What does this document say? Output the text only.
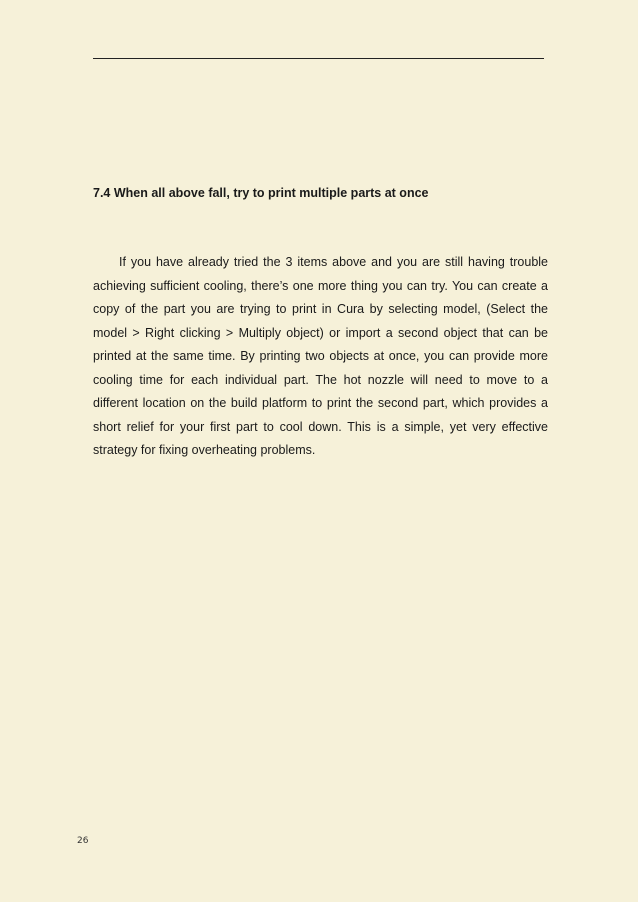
7.4 When all above fall, try to print multiple parts at once
If you have already tried the 3 items above and you are still having trouble
achieving sufficient cooling, there’s one more thing you can try. You can create a
copy of the part you are trying to print in Cura by selecting model, (Select the
model > Right clicking > Multiply object) or import a second object that can be
printed at the same time. By printing two objects at once, you can provide more
cooling time for each individual part. The hot nozzle will need to move to a
different location on the build platform to print the second part, which provides a
short relief for your first part to cool down. This is a simple, yet very effective
strategy for fixing overheating problems.
26
